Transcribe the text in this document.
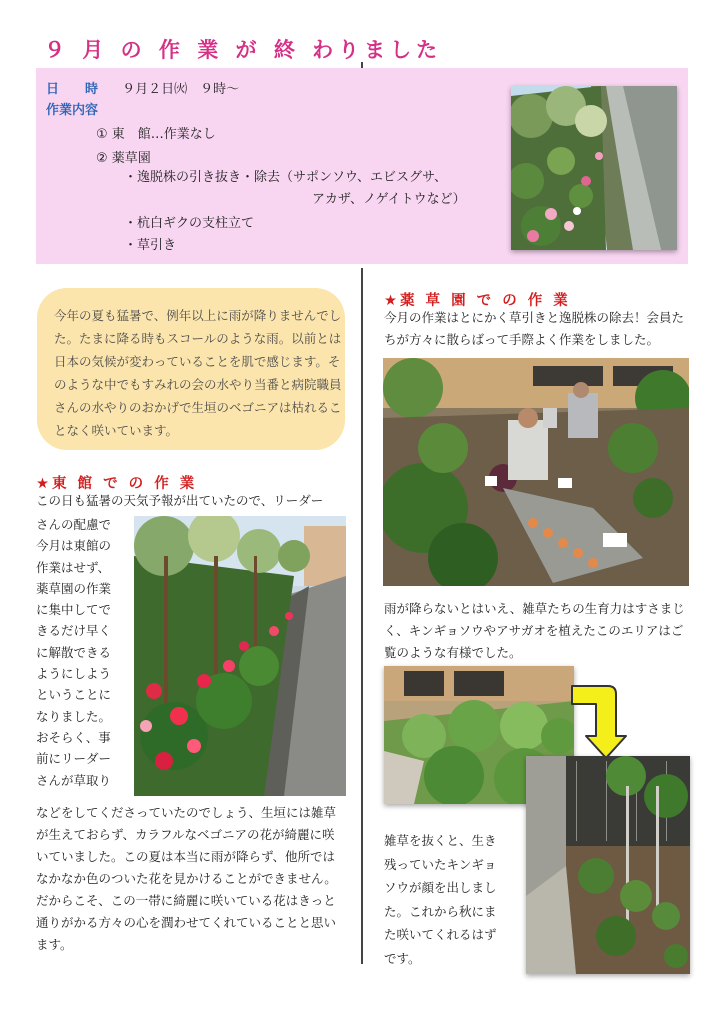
９ 月 の 作 業 が 終 わりました
日　　時 ９月２日㈫　９時～
作業内容
① 東　館…作業なし
② 薬草園
・逸脱株の引き抜き・除去（サポンソウ、エビスグサ、
アカザ、ノゲイトウなど）
・杭白ギクの支柱立て
・草引き
今年の夏も猛暑で、例年以上に雨が降りませんでした。たまに降る時もスコールのような雨。以前とは日本の気候が変わっていることを肌で感じます。そのような中でもすみれの会の水やり当番と病院職員さんの水やりのおかげで生垣のベゴニアは枯れることなく咲いています。
★東 館 で の 作 業
この日も猛暑の天気予報が出ていたので、リーダー
さんの配慮で
今月は東館の
作業はせず、
薬草園の作業
に集中してで
きるだけ早く
に解散できる
ようにしよう
ということに
なりました。
おそらく、事
前にリーダー
さんが草取り
などをしてくださっていたのでしょう、生垣には雑草が生えておらず、カラフルなベゴニアの花が綺麗に咲いていました。この夏は本当に雨が降らず、他所ではなかなか色のついた花を見かけることができません。だからこそ、この一帯に綺麗に咲いている花はきっと通りがかる方々の心を潤わせてくれていることと思います。
★薬 草 園 で の 作 業
今月の作業はとにかく草引きと逸脱株の除去！会員たちが方々に散らばって手際よく作業をしました。
雨が降らないとはいえ、雑草たちの生育力はすさまじく、キンギョソウやアサガオを植えたこのエリアはご覧のような有様でした。
雑草を抜くと、生き
残っていたキンギョ
ソウが顔を出しまし
た。これから秋にま
た咲いてくれるはず
です。
